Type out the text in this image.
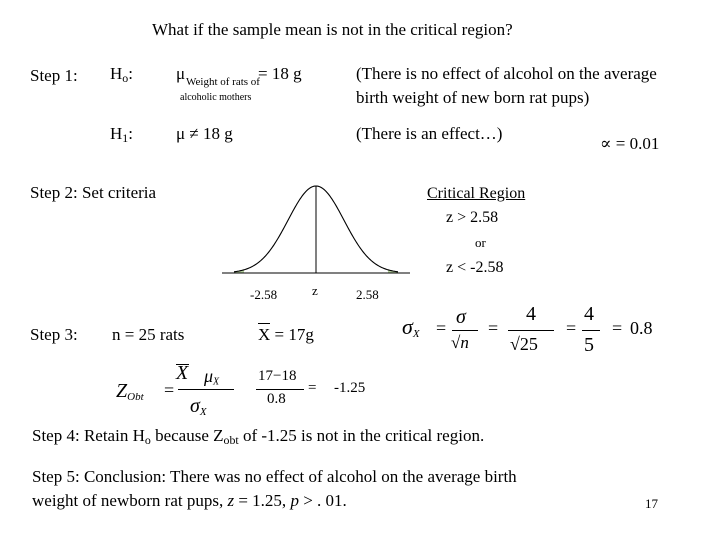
What if the sample mean is not in the critical region?
Step 1: $H_o$:	μ Weight of rats of
alcoholic mothers
= 18 g	(There is no effect of alcohol on the average
birth weight of new born rat pups)
$H_1$:	μ ≠ 18 g	(There is an effect…)
∝ = 0.01
Step 2: Set criteria	Critical Region
z > 2.58
or
z < -2.58
-2.58	z	2.58
Step 3: n = 25 rats	X = 17g	$\sigma_X = \sigma$
√n
=
4
√25
=
4
5
= 0.8
$Z_{Obt}$ =
X $\mu_X$
$\sigma_X$
17−18
0.8
= -1.25
Step 4: Retain $H_o$ because $Z_{obt}$ of -1.25 is not in the critical region.
Step 5: Conclusion: There was no effect of alcohol on the average birth
weight of newborn rat pups, z = 1.25, p > . 01.	17
